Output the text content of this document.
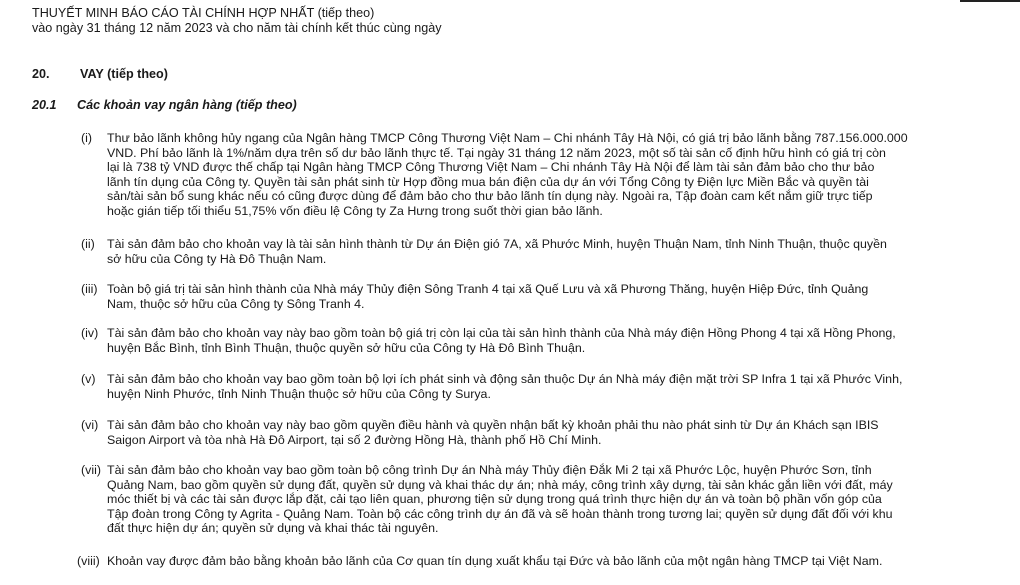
THUYẾT MINH BÁO CÁO TÀI CHÍNH HỢP NHẤT (tiếp theo)
vào ngày 31 tháng 12 năm 2023 và cho năm tài chính kết thúc cùng ngày
20. VAY (tiếp theo)
20.1 Các khoản vay ngân hàng (tiếp theo)
(i) Thư bảo lãnh không hủy ngang của Ngân hàng TMCP Công Thương Việt Nam – Chi nhánh Tây Hà Nội, có giá trị bảo lãnh bằng 787.156.000.000
VND. Phí bảo lãnh là 1%/năm dựa trên số dư bảo lãnh thực tế. Tại ngày 31 tháng 12 năm 2023, một số tài sản cố định hữu hình có giá trị còn
lại là 738 tỷ VND được thế chấp tại Ngân hàng TMCP Công Thương Việt Nam – Chi nhánh Tây Hà Nội để làm tài sản đảm bảo cho thư bảo
lãnh tín dụng của Công ty. Quyền tài sản phát sinh từ Hợp đồng mua bán điện của dự án với Tổng Công ty Điện lực Miền Bắc và quyền tài
sản/tài sản bổ sung khác nếu có cũng được dùng để đảm bảo cho thư bảo lãnh tín dụng này. Ngoài ra, Tập đoàn cam kết nắm giữ trực tiếp
hoặc gián tiếp tối thiểu 51,75% vốn điều lệ Công ty Za Hưng trong suốt thời gian bảo lãnh.
(ii) Tài sản đảm bảo cho khoản vay là tài sản hình thành từ Dự án Điện gió 7A, xã Phước Minh, huyện Thuận Nam, tỉnh Ninh Thuận, thuộc quyền
sở hữu của Công ty Hà Đô Thuận Nam.
(iii) Toàn bộ giá trị tài sản hình thành của Nhà máy Thủy điện Sông Tranh 4 tại xã Quế Lưu và xã Phương Thăng, huyện Hiệp Đức, tỉnh Quảng
Nam, thuộc sở hữu của Công ty Sông Tranh 4.
(iv) Tài sản đảm bảo cho khoản vay này bao gồm toàn bộ giá trị còn lại của tài sản hình thành của Nhà máy điện Hồng Phong 4 tại xã Hồng Phong,
huyện Bắc Bình, tỉnh Bình Thuận, thuộc quyền sở hữu của Công ty Hà Đô Bình Thuận.
(v) Tài sản đảm bảo cho khoản vay bao gồm toàn bộ lợi ích phát sinh và động sản thuộc Dự án Nhà máy điện mặt trời SP Infra 1 tại xã Phước Vinh,
huyện Ninh Phước, tỉnh Ninh Thuận thuộc sở hữu của Công ty Surya.
(vi) Tài sản đảm bảo cho khoản vay này bao gồm quyền điều hành và quyền nhận bất kỳ khoản phải thu nào phát sinh từ Dự án Khách sạn IBIS
Saigon Airport và tòa nhà Hà Đô Airport, tại số 2 đường Hồng Hà, thành phố Hồ Chí Minh.
(vii) Tài sản đảm bảo cho khoản vay bao gồm toàn bộ công trình Dự án Nhà máy Thủy điện Đắk Mi 2 tại xã Phước Lộc, huyện Phước Sơn, tỉnh
Quảng Nam, bao gồm quyền sử dụng đất, quyền sử dụng và khai thác dự án; nhà máy, công trình xây dựng, tài sản khác gắn liền với đất, máy
móc thiết bị và các tài sản được lắp đặt, cải tạo liên quan, phương tiện sử dụng trong quá trình thực hiện dự án và toàn bộ phần vốn góp của
Tập đoàn trong Công ty Agrita - Quảng Nam. Toàn bộ các công trình dự án đã và sẽ hoàn thành trong tương lai; quyền sử dụng đất đối với khu
đất thực hiện dự án; quyền sử dụng và khai thác tài nguyên.
(viii) Khoản vay được đảm bảo bằng khoản bảo lãnh của Cơ quan tín dụng xuất khẩu tại Đức và bảo lãnh của một ngân hàng TMCP tại Việt Nam.
